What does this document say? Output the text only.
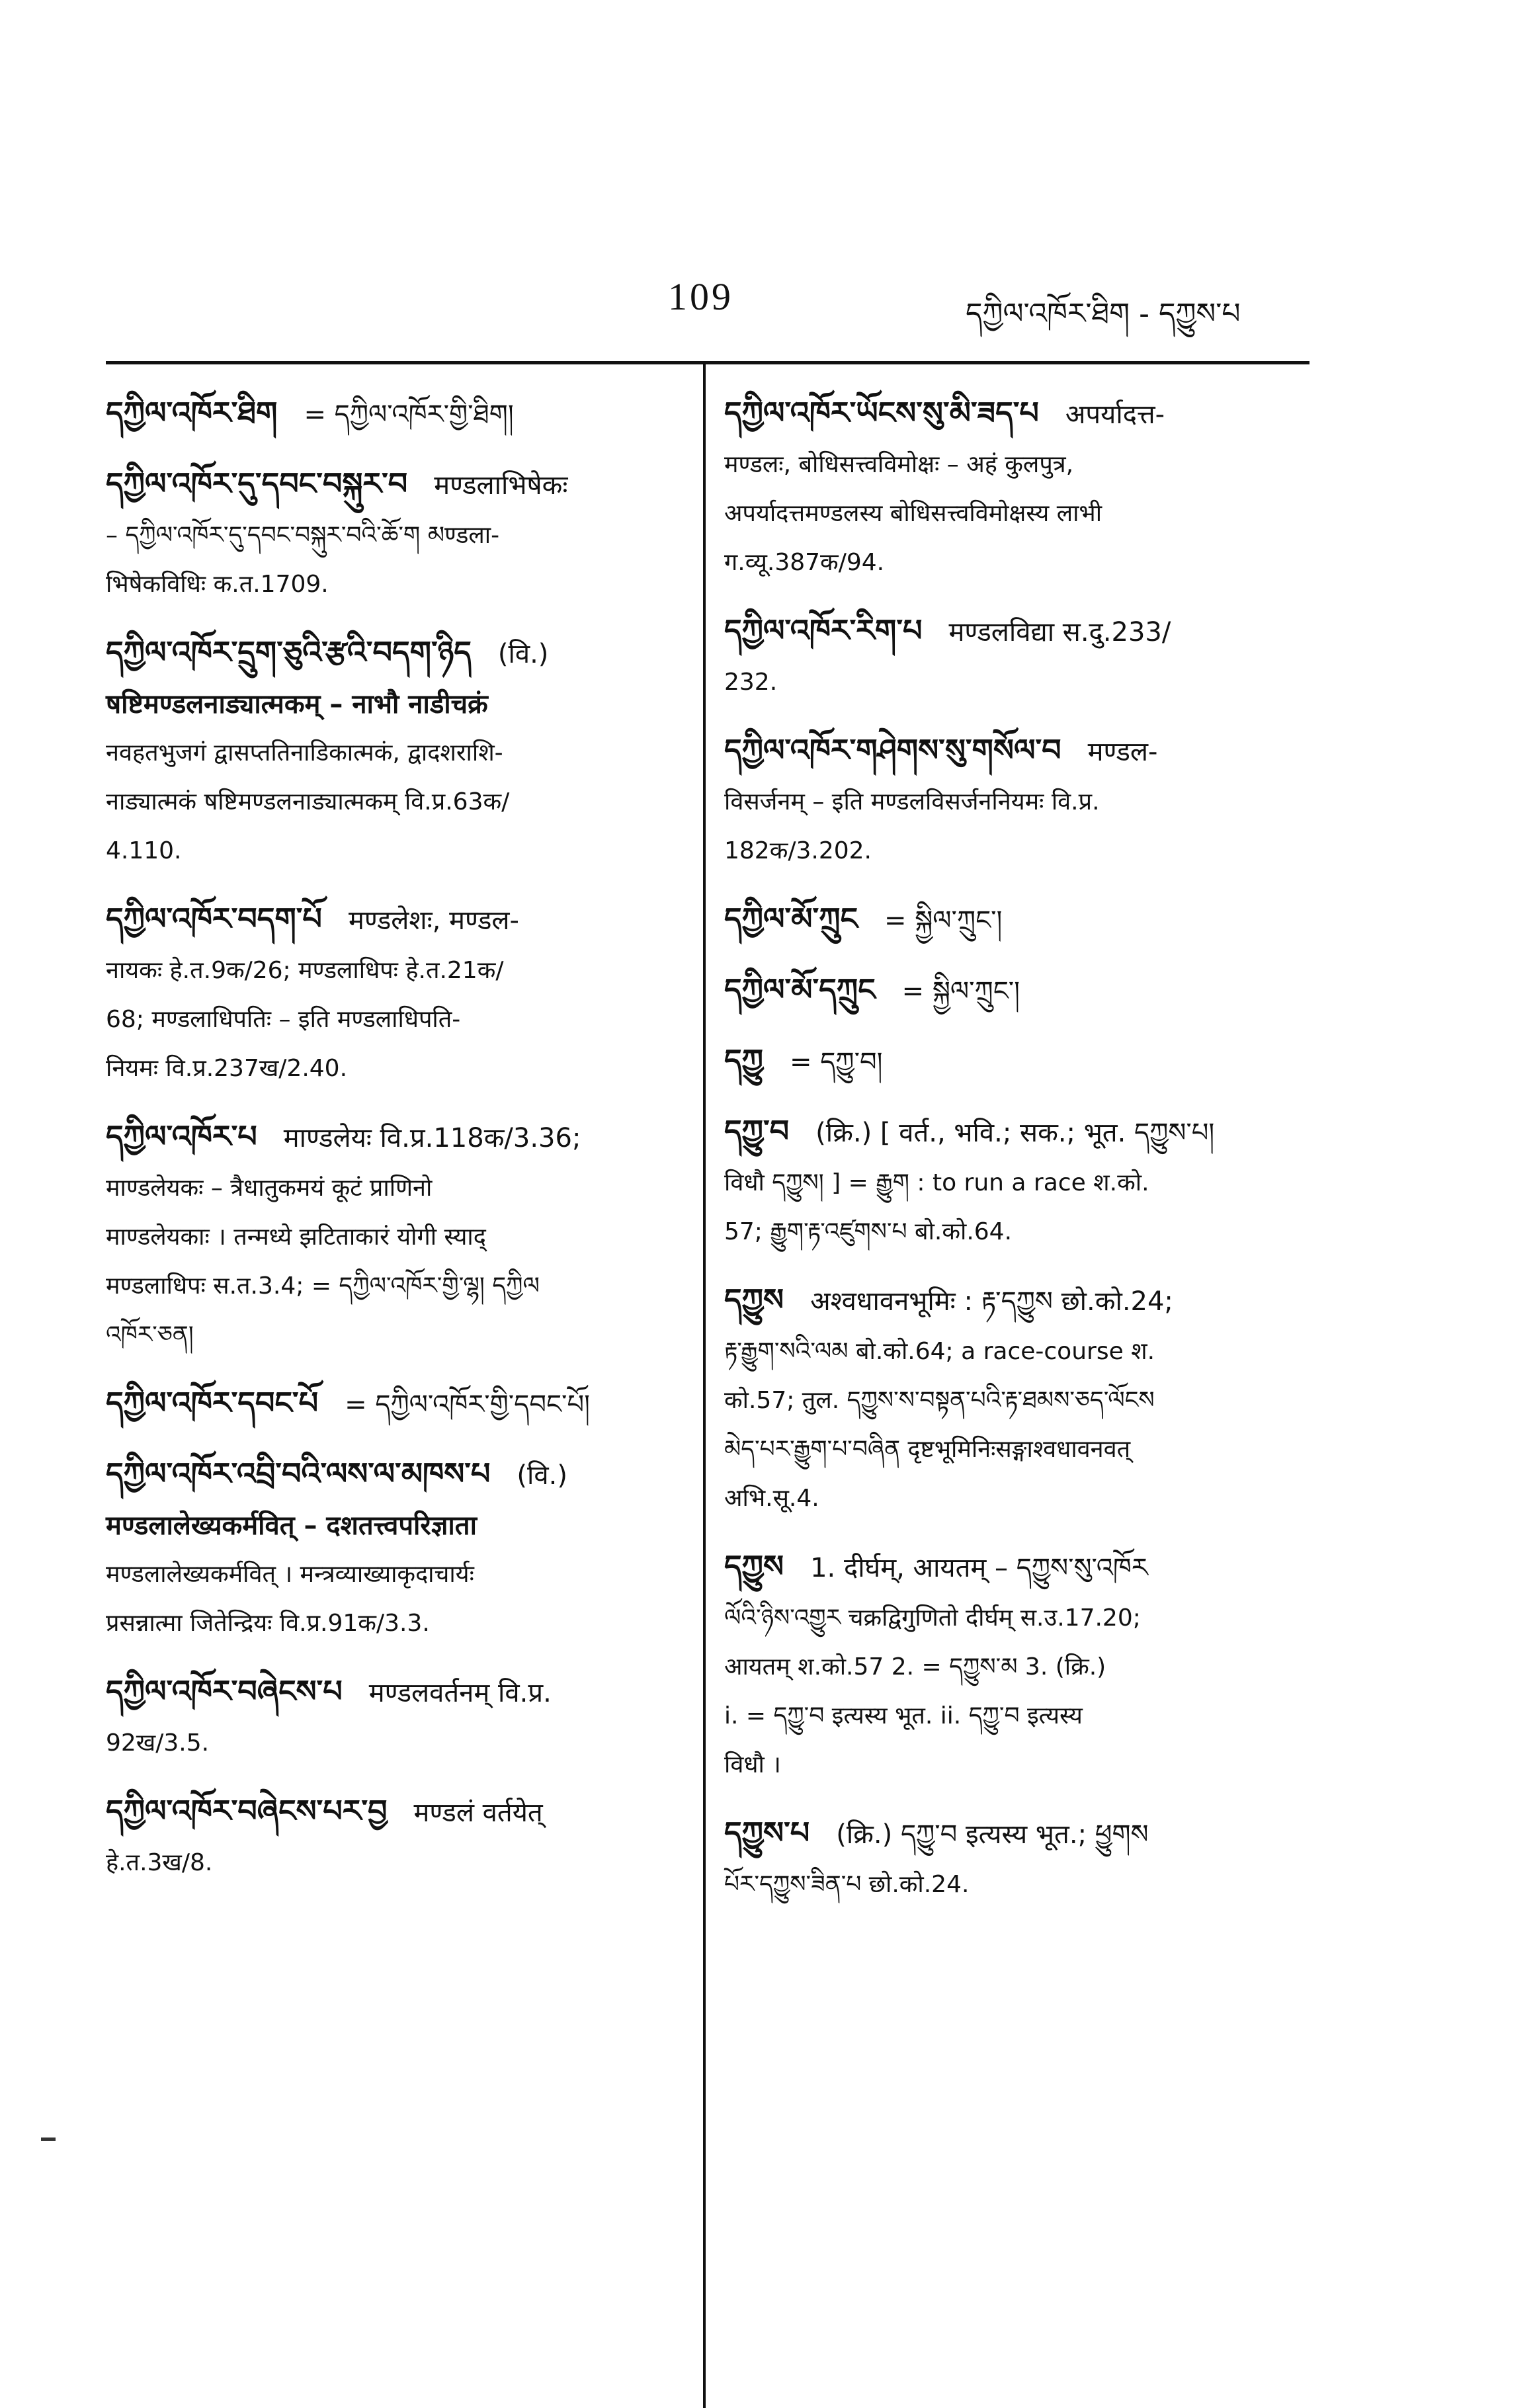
109	དཀྱིལ་འཁོར་ཐིག - དཀྱུས་པ
དཀྱིལ་འཁོར་ཐིག = དཀྱིལ་འཁོར་གྱི་ཐིག།
དཀྱིལ་འཁོར་དུ་དབང་བསྐུར་བ मण्डलाभिषेकः
– དཀྱིལ་འཁོར་དུ་དབང་བསྐུར་བའི་ཆོ་ག མण्डला-
भिषेकविधिः क.त.1709.
དཀྱིལ་འཁོར་དྲུག་ཅུའི་རྩའི་བདག་ཉིད (वि.)
षष्टिमण्डलनाड्यात्मकम् – नाभौ नाडीचक्रं
नवहतभुजगं द्वासप्ततिनाडिकात्मकं, द्वादशराशि-
नाड्यात्मकं षष्टिमण्डलनाड्यात्मकम् वि.प्र.63क/
4.110.
དཀྱིལ་འཁོར་བདག་པོ मण्डलेशः, मण्डल-
नायकः हे.त.9क/26; मण्डलाधिपः हे.त.21क/
68; मण्डलाधिपतिः – इति मण्डलाधिपति-
नियमः वि.प्र.237ख/2.40.
དཀྱིལ་འཁོར་པ माण्डलेयः वि.प्र.118क/3.36;
माण्डलेयकः – त्रैधातुकमयं कूटं प्राणिनो
माण्डलेयकाः । तन्मध्ये झटिताकारं योगी स्याद्
मण्डलाधिपः स.त.3.4; = དཀྱིལ་འཁོར་གྱི་ལྷ། དཀྱིལ
འཁོར་ཅན།
དཀྱིལ་འཁོར་དབང་པོ = དཀྱིལ་འཁོར་གྱི་དབང་པོ།
དཀྱིལ་འཁོར་འབྲི་བའི་ལས་ལ་མཁས་པ (वि.)
मण्डलालेख्यकर्मवित् – दशतत्त्वपरिज्ञाता
मण्डलालेख्यकर्मवित् । मन्त्रव्याख्याकृदाचार्यः
प्रसन्नात्मा जितेन्द्रियः वि.प्र.91क/3.3.
དཀྱིལ་འཁོར་བཞེངས་པ मण्डलवर्तनम् वि.प्र.
92ख/3.5.
དཀྱིལ་འཁོར་བཞེངས་པར་བྱ मण्डलं वर्तयेत्
हे.त.3ख/8.
དཀྱིལ་འཁོར་ཡོངས་སུ་མི་ཟད་པ अपर्यादत्त-
मण्डलः, बोधिसत्त्वविमोक्षः – अहं कुलपुत्र,
अपर्यादत्तमण्डलस्य बोधिसत्त्वविमोक्षस्य लाभी
ग.व्यू.387क/94.
དཀྱིལ་འཁོར་རིག་པ मण्डलविद्या स.दु.233/
232.
དཀྱིལ་འཁོར་གཤེགས་སུ་གསོལ་བ मण्डल-
विसर्जनम् – इति मण्डलविसर्जननियमः वि.प्र.
182क/3.202.
དཀྱིལ་མོ་ཀྲུང = སྐྱིལ་ཀྲུང་།
དཀྱིལ་མོ་དཀྲུང = སྐྱིལ་ཀྲུང་།
དཀྱུ = དཀྱུ་བ།
དཀྱུ་བ (क्रि.) [ वर्त., भवि.; सक.; भूत. དཀྱུས་པ།
विधौ དཀྱུས། ] = རྒྱུག : to run a race श.को.
57; རྒྱུག་རྟ་འཛུགས་པ बो.को.64.
དཀྱུས अश्वधावनभूमिः : རྟ་དཀྱུས छो.को.24;
རྟ་རྒྱུག་སའི་ལམ बो.को.64; a race-course श.
को.57; तुल. དཀྱུས་ས་བསྟན་པའི་རྟ་ཐམས་ཅད་ལོངས
མེད་པར་རྒྱུག་པ་བཞིན दृष्टभूमिनिःसङ्गाश्वधावनवत्
अभि.सू.4.
དཀྱུས 1. दीर्घम्, आयतम् – དཀྱུས་སུ་འཁོར
ལོའི་ཉིས་འགྱུར चक्रद्विगुणितो दीर्घम् स.उ.17.20;
आयतम् श.को.57 2. = དཀྱུས་མ 3. (क्रि.)
i. = དཀྱུ་བ इत्यस्य भूत. ii. དཀྱུ་བ इत्यस्य
विधौ ।
དཀྱུས་པ (क्रि.) དཀྱུ་བ इत्यस्य भूत.; ཕྱུགས
པོར་དཀྱུས་ཟིན་པ छो.को.24.
